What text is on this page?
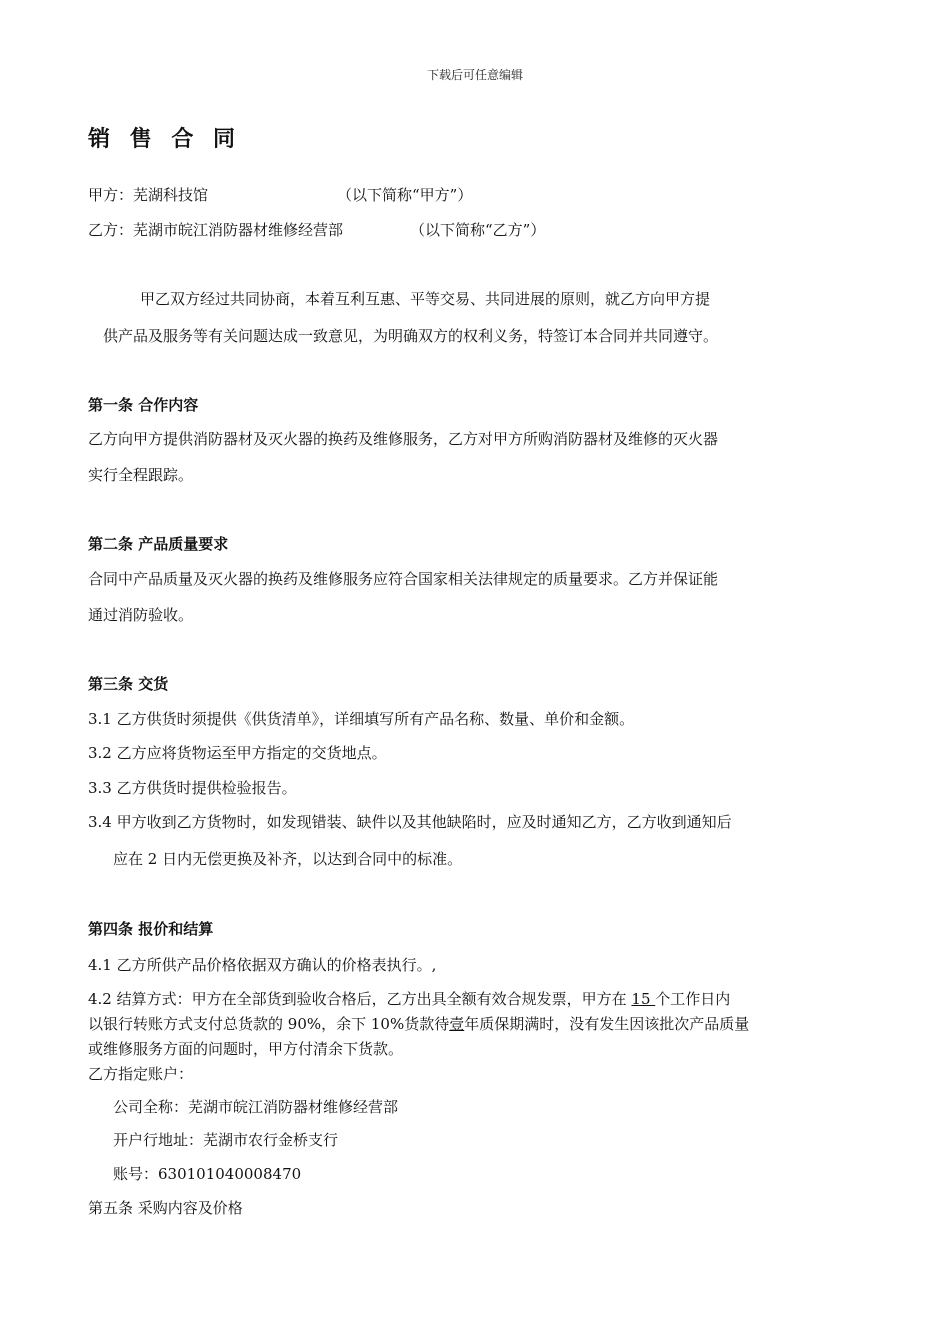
下载后可任意编辑
销 售 合 同

甲方：芜湖科技馆	（以下简称“甲方”）

乙方：芜湖市皖江消防器材维修经营部	（以下简称“乙方”）

甲乙双方经过共同协商，本着互利互惠、平等交易、共同进展的原则，就乙方向甲方提

供产品及服务等有关问题达成一致意见，为明确双方的权利义务，特签订本合同并共同遵守。

第一条 合作内容

乙方向甲方提供消防器材及灭火器的换药及维修服务，乙方对甲方所购消防器材及维修的灭火器

实行全程跟踪。

第二条 产品质量要求

合同中产品质量及灭火器的换药及维修服务应符合国家相关法律规定的质量要求。乙方并保证能

通过消防验收。

第三条 交货

3.1 乙方供货时须提供《供货清单》，详细填写所有产品名称、数量、单价和金额。

3.2 乙方应将货物运至甲方指定的交货地点。

3.3 乙方供货时提供检验报告。

3.4 甲方收到乙方货物时，如发现错装、缺件以及其他缺陷时，应及时通知乙方，乙方收到通知后

应在 2 日内无偿更换及补齐，以达到合同中的标准。

第四条 报价和结算

4.1 乙方所供产品价格依据双方确认的价格表执行。,

4.2 结算方式：甲方在全部货到验收合格后，乙方出具全额有效合规发票，甲方在 15 个工作日内

以银行转账方式支付总货款的 90%，余下 10%货款待壹年质保期满时，没有发生因该批次产品质量

或维修服务方面的问题时，甲方付清余下货款。

乙方指定账户：

公司全称：芜湖市皖江消防器材维修经营部

开户行地址：芜湖市农行金桥支行

账号：630101040008470

第五条 采购内容及价格
